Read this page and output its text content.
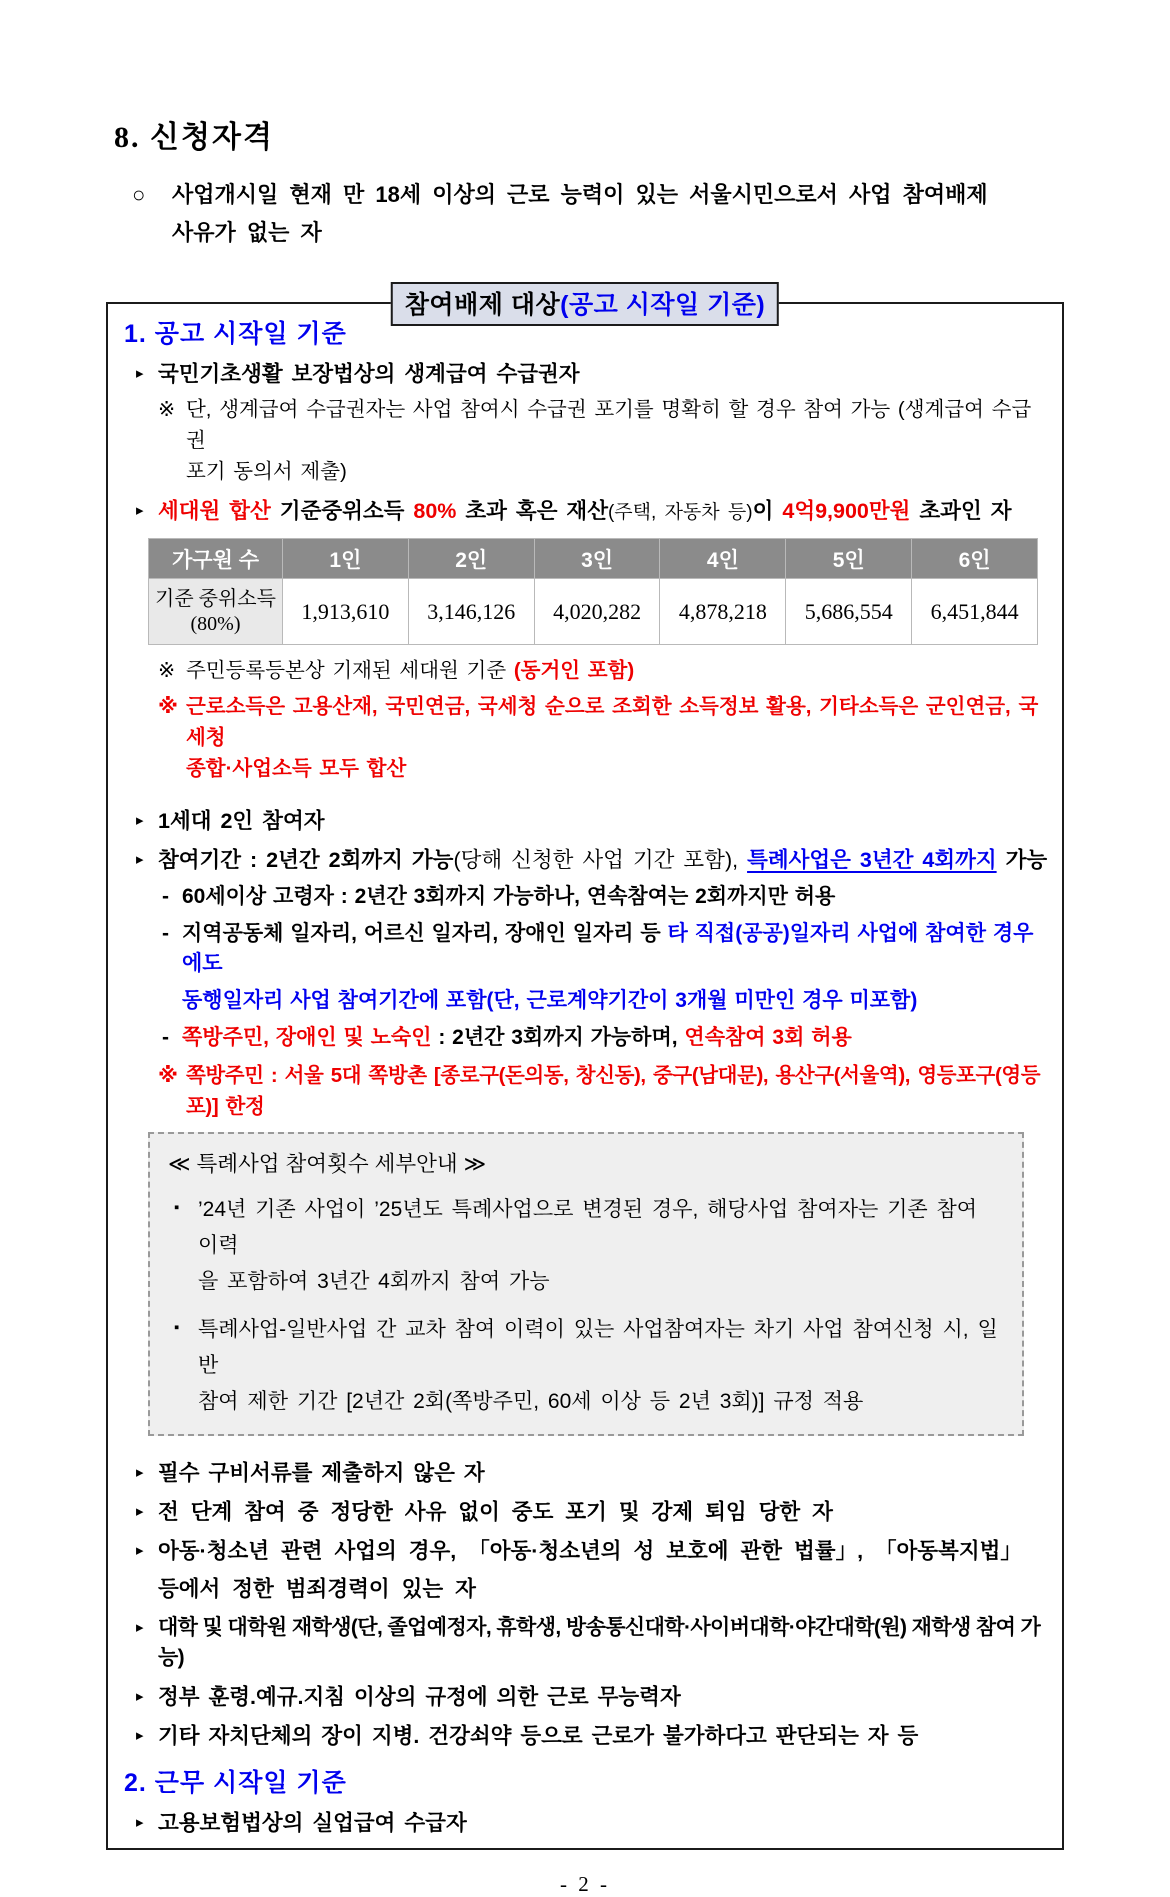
8. 신청자격
○ 사업개시일 현재 만 18세 이상의 근로 능력이 있는 서울시민으로서 사업 참여배제
사유가 없는 자
참여배제 대상(공고 시작일 기준)
1. 공고 시작일 기준
▸ 국민기초생활 보장법상의 생계급여 수급권자
※ 단, 생계급여 수급권자는 사업 참여시 수급권 포기를 명확히 할 경우 참여 가능 (생계급여 수급권
포기 동의서 제출)
▸ 세대원 합산 기준중위소득 80% 초과 혹은 재산(주택, 자동차 등)이 4억9,900만원 초과인 자
가구원 수	1인	2인	3인	4인	5인	6인

기준 중위소득
(80%)	1,913,610	3,146,126	4,020,282	4,878,218	5,686,554	6,451,844
※ 주민등록등본상 기재된 세대원 기준 (동거인 포함)
※ 근로소득은 고용산재, 국민연금, 국세청 순으로 조회한 소득정보 활용, 기타소득은 군인연금, 국세청
종합·사업소득 모두 합산
▸ 1세대 2인 참여자
▸ 참여기간 : 2년간 2회까지 가능(당해 신청한 사업 기간 포함), 특례사업은 3년간 4회까지 가능
- 60세이상 고령자 : 2년간 3회까지 가능하나, 연속참여는 2회까지만 허용
- 지역공동체 일자리, 어르신 일자리, 장애인 일자리 등 타 직접(공공)일자리 사업에 참여한 경우에도
동행일자리 사업 참여기간에 포함(단, 근로계약기간이 3개월 미만인 경우 미포함)
- 쪽방주민, 장애인 및 노숙인 : 2년간 3회까지 가능하며, 연속참여 3회 허용
※ 쪽방주민 : 서울 5대 쪽방촌 [종로구(돈의동, 창신동), 중구(남대문), 용산구(서울역), 영등포구(영등포)] 한정
≪ 특례사업 참여횟수 세부안내 ≫
▪ ’24년 기존 사업이 ’25년도 특례사업으로 변경된 경우, 해당사업 참여자는 기존 참여 이력
을 포함하여 3년간 4회까지 참여 가능
▪ 특례사업-일반사업 간 교차 참여 이력이 있는 사업참여자는 차기 사업 참여신청 시, 일반
참여 제한 기간 [2년간 2회(쪽방주민, 60세 이상 등 2년 3회)] 규정 적용
▸ 필수 구비서류를 제출하지 않은 자
▸ 전 단계 참여 중 정당한 사유 없이 중도 포기 및 강제 퇴임 당한 자
▸ 아동·청소년 관련 사업의 경우, 「아동·청소년의 성 보호에 관한 법률」, 「아동복지법」
등에서 정한 범죄경력이 있는 자
▸ 대학 및 대학원 재학생(단, 졸업예정자, 휴학생, 방송통신대학·사이버대학·야간대학(원) 재학생 참여 가능)
▸ 정부 훈령.예규.지침 이상의 규정에 의한 근로 무능력자
▸ 기타 자치단체의 장이 지병. 건강쇠약 등으로 근로가 불가하다고 판단되는 자 등
2. 근무 시작일 기준
▸ 고용보험법상의 실업급여 수급자
- 2 -
